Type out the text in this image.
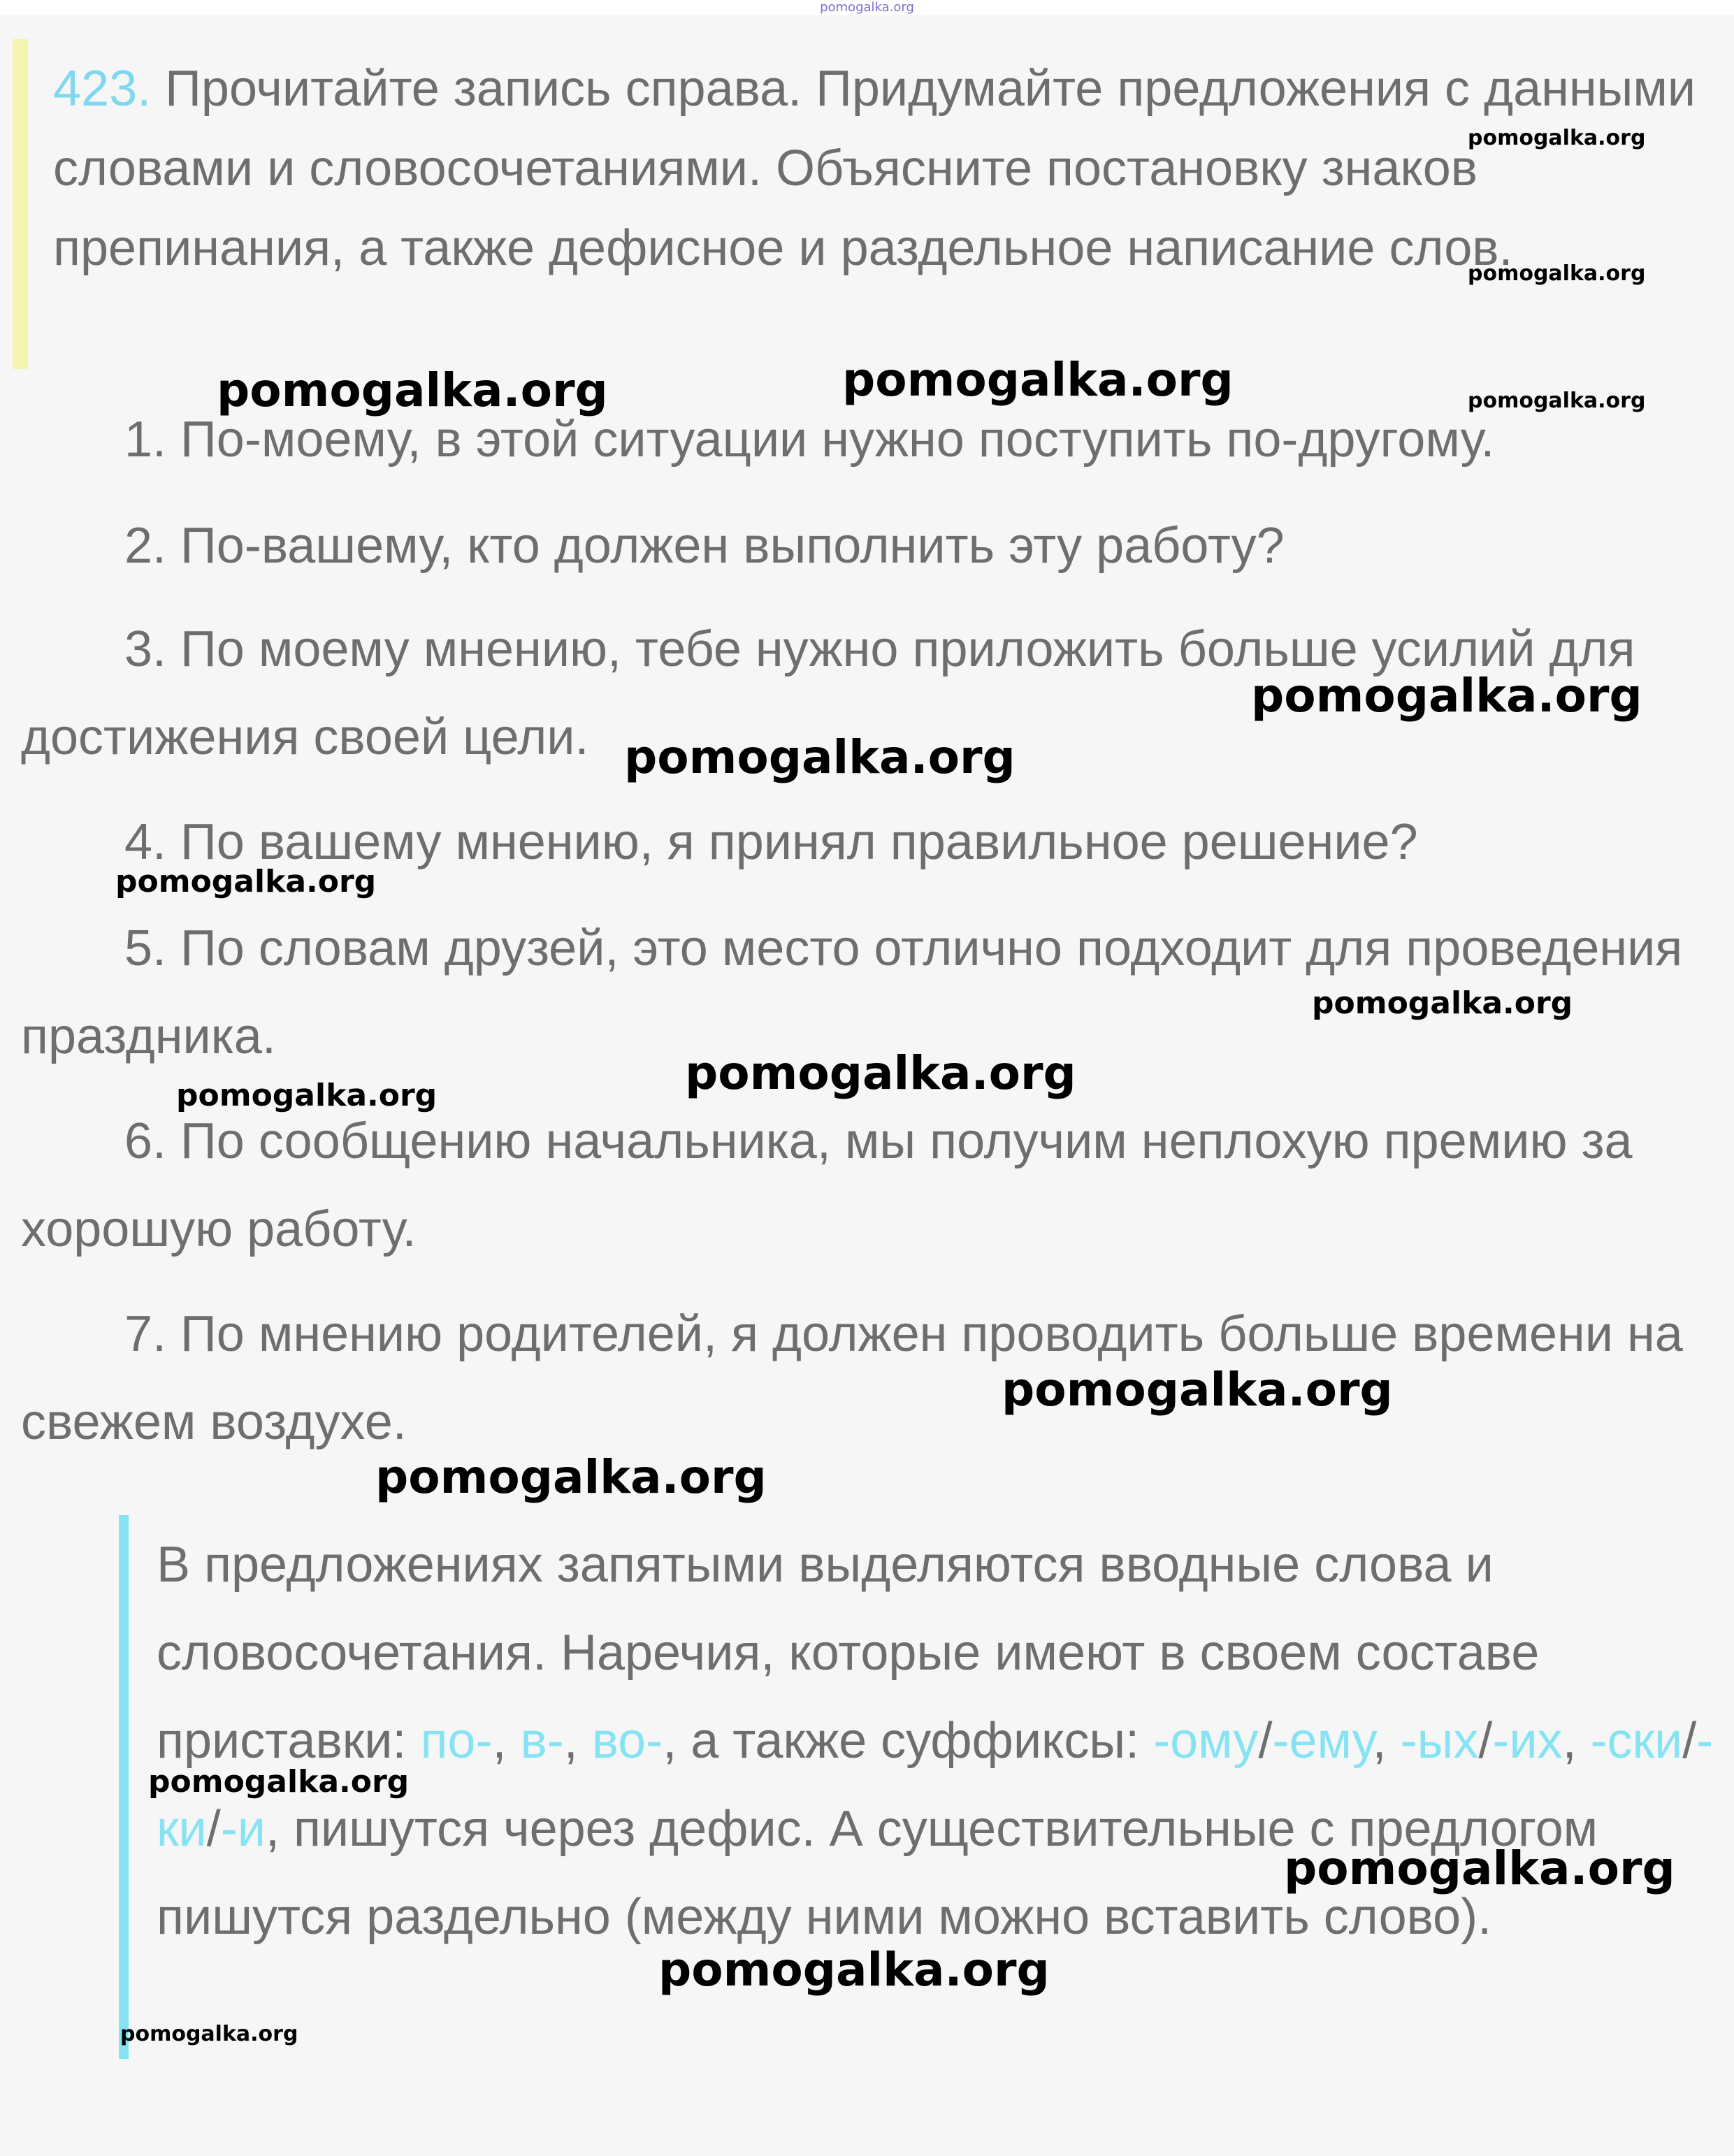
pomogalka.org
423. Прочитайте запись справа. Придумайте предложения с данными словами и словосочетаниями. Объясните постановку знаков препинания, а также дефисное и раздельное написание слов.
1. По-моему, в этой ситуации нужно поступить по-другому.
2. По-вашему, кто должен выполнить эту работу?
3. По моему мнению, тебе нужно приложить больше усилий для достижения своей цели.
4. По вашему мнению, я принял правильное решение?
5. По словам друзей, это место отлично подходит для проведения праздника.
6. По сообщению начальника, мы получим неплохую премию за хорошую работу.
7. По мнению родителей, я должен проводить больше времени на свежем воздухе.
В предложениях запятыми выделяются вводные слова и словосочетания. Наречия, которые имеют в своем составе приставки: по-, в-, во-, а также суффиксы: -ому/-ему, -ых/-их, -ски/-ки/-и, пишутся через дефис. А существительные с предлогом пишутся раздельно (между ними можно вставить слово).
pomogalka.org
pomogalka.org
pomogalka.org
pomogalka.org	pomogalka.org
pomogalka.org
pomogalka.org
pomogalka.org
pomogalka.org
pomogalka.org
pomogalka.org
pomogalka.org
pomogalka.org
pomogalka.org
pomogalka.org
pomogalka.org
pomogalka.org
